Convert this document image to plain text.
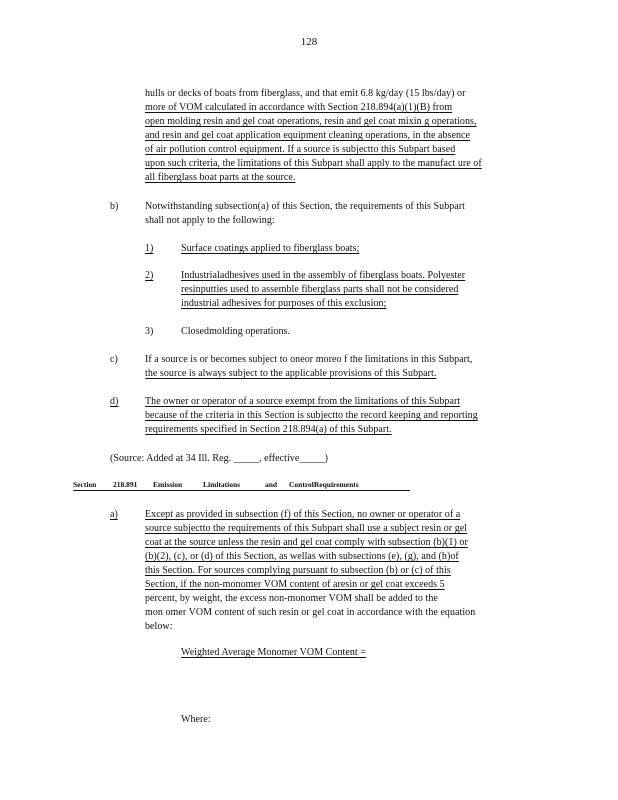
128
hulls or decks of boats from fiberglass, and that emit 6.8 kg/day (15 lbs/day) or
more of VOM calculated in accordance with Section 218.894(a)(1)(B) from
open molding resin and gel coat operations, resin and gel coat mixin g operations,
and resin and gel coat application equipment cleaning operations, in the absence
of air pollution control equipment. If a source is subjectto this Subpart based
upon such criteria, the limitations of this Subpart shall apply to the manufact ure of
all fiberglass boat parts at the source.
b)	Notwithstanding subsection(a) of this Section, the requirements of this Subpart
shall not apply to the following:
1)	Surface coatings applied to fiberglass boats;
2)	Industrialadhesives used in the assembly of fiberglass boats. Polyester
resinputties used to assemble fiberglass parts shall not be considered
industrial adhesives for purposes of this exclusion;
3)	Closedmolding operations.
c)	If a source is or becomes subject to oneor moreo f the limitations in this Subpart,
the source is always subject to the applicable provisions of this Subpart.
d)	The owner or operator of a source exempt from the limitations of this Subpart
because of the criteria in this Section is subjectto the record keeping and reporting
requirements specified in Section 218.894(a) of this Subpart.
(Source: Added at 34 Ill. Reg. _____, effective_____)
Section 218.891 Emission	Limitations	and ControlRequirements
a)	Except as provided in subsection (f) of this Section, no owner or operator of a
source subjectto the requirements of this Subpart shall use a subject resin or gel
coat at the source unless the resin and gel coat comply with subsection (b)(1) or
(b)(2), (c), or (d) of this Section, as wellas with subsections (e), (g), and (h)of
this Section. For sources complying pursuant to subsection (b) or (c) of this
Section, if the non-monomer VOM content of aresin or gel coat exceeds 5
percent, by weight, the excess non-monomer VOM shall be added to the
mon omer VOM content of such resin or gel coat in accordance with the equation
below:
Weighted Average Monomer VOM Content =
Where:
